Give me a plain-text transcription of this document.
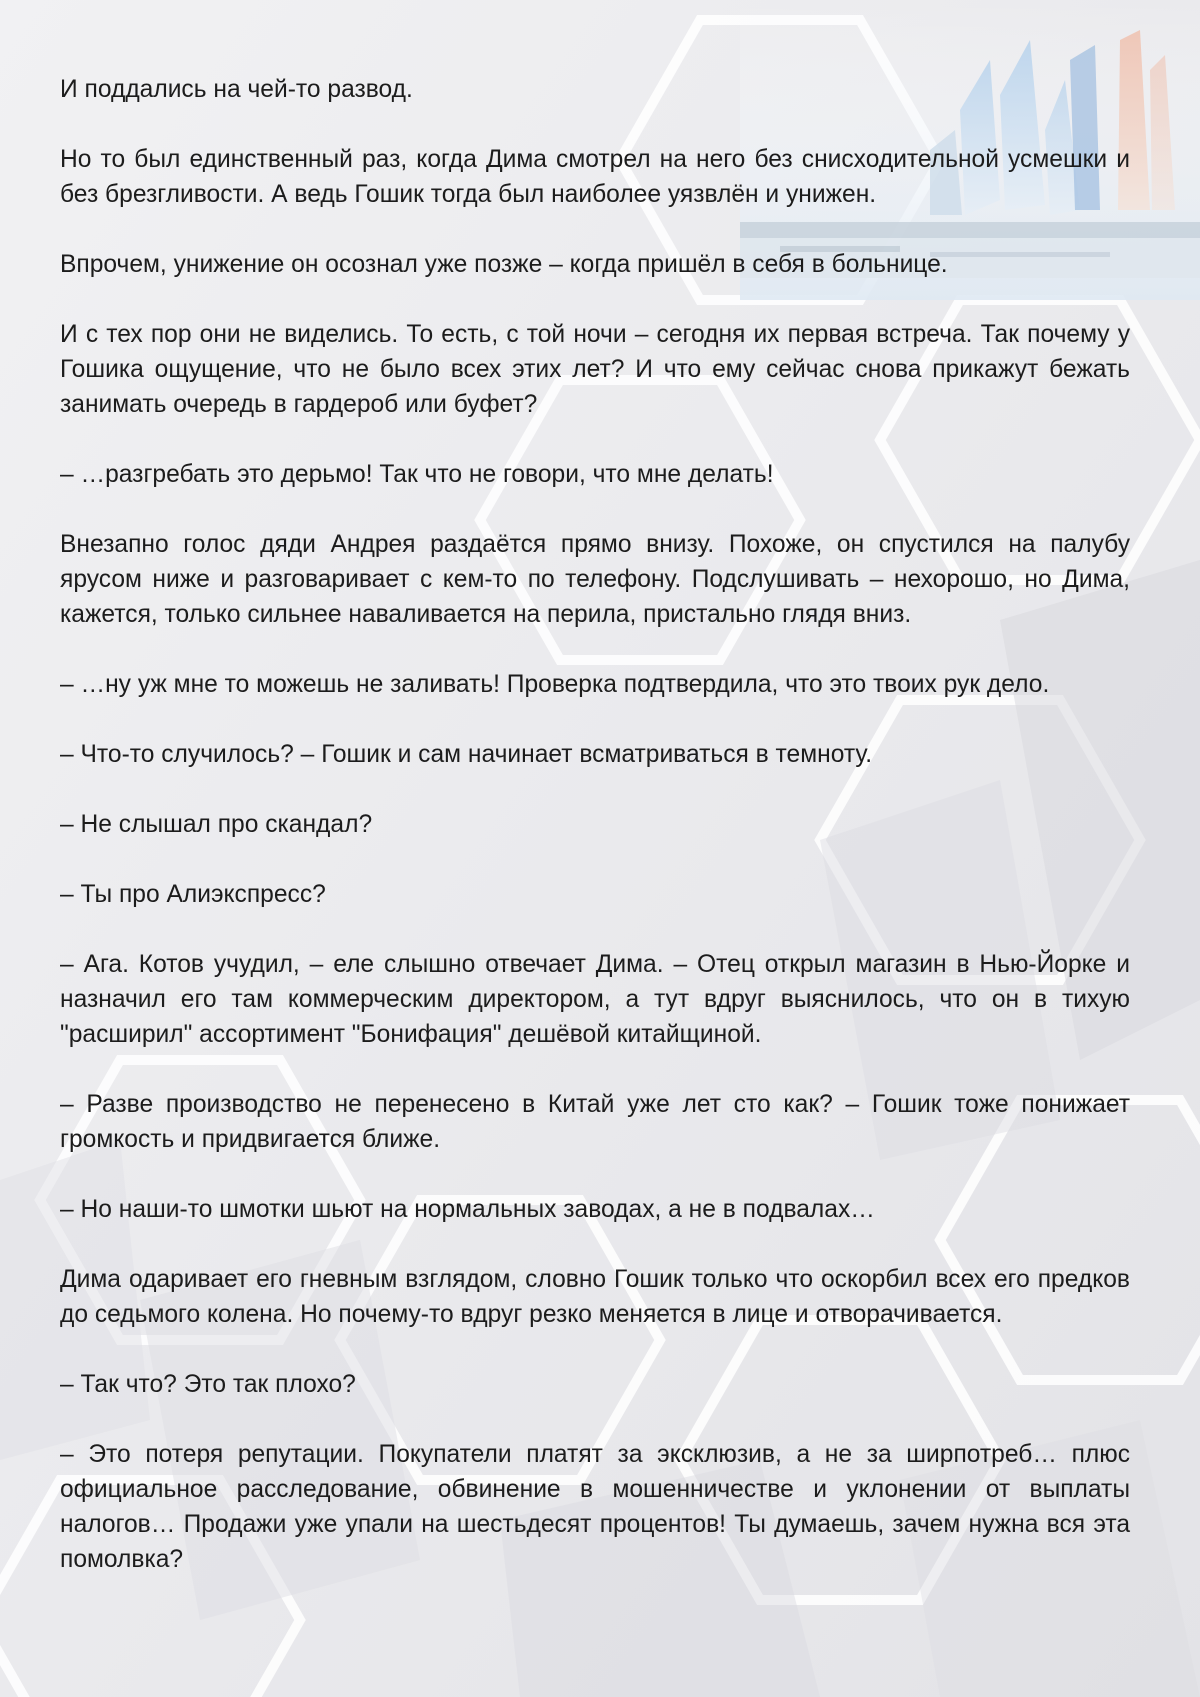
И поддались на чей-то развод.

Но то был единственный раз, когда Дима смотрел на него без снисходительной усмешки и без брезгливости. А ведь Гошик тогда был наиболее уязвлён и унижен.

Впрочем, унижение он осознал уже позже – когда пришёл в себя в больнице.

И с тех пор они не виделись. То есть, с той ночи – сегодня их первая встреча. Так почему у Гошика ощущение, что не было всех этих лет? И что ему сейчас снова прикажут бежать занимать очередь в гардероб или буфет?

– …разгребать это дерьмо! Так что не говори, что мне делать!

Внезапно голос дяди Андрея раздаётся прямо внизу. Похоже, он спустился на палубу ярусом ниже и разговаривает с кем-то по телефону. Подслушивать – нехорошо, но Дима, кажется, только сильнее наваливается на перила, пристально глядя вниз.

– …ну уж мне то можешь не заливать! Проверка подтвердила, что это твоих рук дело.

– Что-то случилось? – Гошик и сам начинает всматриваться в темноту.

– Не слышал про скандал?

– Ты про Алиэкспресс?

– Ага. Котов учудил, – еле слышно отвечает Дима. – Отец открыл магазин в Нью-Йорке и назначил его там коммерческим директором, а тут вдруг выяснилось, что он в тихую "расширил" ассортимент "Бонифация" дешёвой китайщиной.

– Разве производство не перенесено в Китай уже лет сто как? – Гошик тоже понижает громкость и придвигается ближе.

– Но наши-то шмотки шьют на нормальных заводах, а не в подвалах…

Дима одаривает его гневным взглядом, словно Гошик только что оскорбил всех его предков до седьмого колена. Но почему-то вдруг резко меняется в лице и отворачивается.

– Так что? Это так плохо?

– Это потеря репутации. Покупатели платят за эксклюзив, а не за ширпотреб… плюс официальное расследование, обвинение в мошенничестве и уклонении от выплаты налогов… Продажи уже упали на шестьдесят процентов! Ты думаешь, зачем нужна вся эта помолвка?
